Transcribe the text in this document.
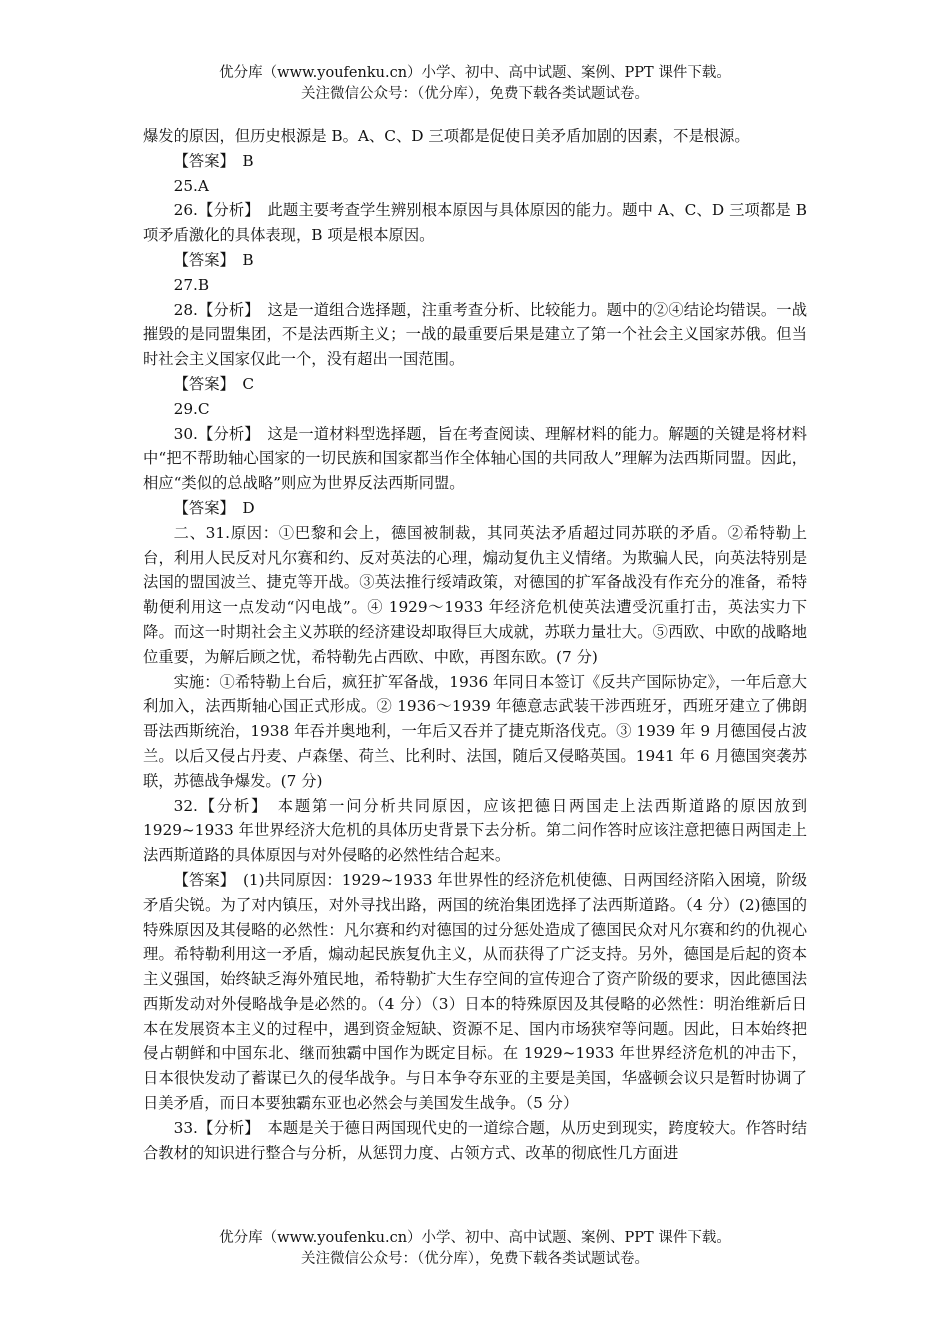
优分库（www.youfenku.cn）小学、初中、高中试题、案例、PPT 课件下载。
关注微信公众号：（优分库），免费下载各类试题试卷。

爆发的原因，但历史根源是 B。A、C、D 三项都是促使日美矛盾加剧的因素，不是根源。

【答案】　B

25.A

26.【分析】　此题主要考查学生辨别根本原因与具体原因的能力。题中 A、C、D 三项都是 B 项矛盾激化的具体表现，B 项是根本原因。

【答案】　B

27.B

28.【分析】　这是一道组合选择题，注重考查分析、比较能力。题中的②④结论均错误。一战摧毁的是同盟集团，不是法西斯主义；一战的最重要后果是建立了第一个社会主义国家苏俄。但当时社会主义国家仅此一个，没有超出一国范围。

【答案】　C

29.C

30.【分析】　这是一道材料型选择题，旨在考查阅读、理解材料的能力。解题的关键是将材料中“把不帮助轴心国家的一切民族和国家都当作全体轴心国的共同敌人”理解为法西斯同盟。因此，相应“类似的总战略”则应为世界反法西斯同盟。

【答案】　D

二、31.原因：①巴黎和会上，德国被制裁，其同英法矛盾超过同苏联的矛盾。②希特勒上台，利用人民反对凡尔赛和约、反对英法的心理，煽动复仇主义情绪。为欺骗人民，向英法特别是法国的盟国波兰、捷克等开战。③英法推行绥靖政策，对德国的扩军备战没有作充分的准备，希特勒便利用这一点发动“闪电战”。④ 1929～1933 年经济危机使英法遭受沉重打击，英法实力下降。而这一时期社会主义苏联的经济建设却取得巨大成就，苏联力量壮大。⑤西欧、中欧的战略地位重要，为解后顾之忧，希特勒先占西欧、中欧，再图东欧。(7 分)

实施：①希特勒上台后，疯狂扩军备战，1936 年同日本签订《反共产国际协定》，一年后意大利加入，法西斯轴心国正式形成。② 1936～1939 年德意志武装干涉西班牙，西班牙建立了佛朗哥法西斯统治，1938 年吞并奥地利，一年后又吞并了捷克斯洛伐克。③ 1939 年 9 月德国侵占波兰。以后又侵占丹麦、卢森堡、荷兰、比利时、法国，随后又侵略英国。1941 年 6 月德国突袭苏联，苏德战争爆发。(7 分)

32.【分析】　本题第一问分析共同原因，应该把德日两国走上法西斯道路的原因放到 1929~1933 年世界经济大危机的具体历史背景下去分析。第二问作答时应该注意把德日两国走上法西斯道路的具体原因与对外侵略的必然性结合起来。

【答案】　(1)共同原因：1929~1933 年世界性的经济危机使德、日两国经济陷入困境，阶级矛盾尖锐。为了对内镇压，对外寻找出路，两国的统治集团选择了法西斯道路。（4 分）(2)德国的特殊原因及其侵略的必然性：凡尔赛和约对德国的过分惩处造成了德国民众对凡尔赛和约的仇视心理。希特勒利用这一矛盾，煽动起民族复仇主义，从而获得了广泛支持。另外，德国是后起的资本主义强国，始终缺乏海外殖民地，希特勒扩大生存空间的宣传迎合了资产阶级的要求，因此德国法西斯发动对外侵略战争是必然的。（4 分）（3）日本的特殊原因及其侵略的必然性：明治维新后日本在发展资本主义的过程中，遇到资金短缺、资源不足、国内市场狭窄等问题。因此，日本始终把侵占朝鲜和中国东北、继而独霸中国作为既定目标。在 1929~1933 年世界经济危机的冲击下，日本很快发动了蓄谋已久的侵华战争。与日本争夺东亚的主要是美国，华盛顿会议只是暂时协调了日美矛盾，而日本要独霸东亚也必然会与美国发生战争。（5 分）

33.【分析】　本题是关于德日两国现代史的一道综合题，从历史到现实，跨度较大。作答时结合教材的知识进行整合与分析，从惩罚力度、占领方式、改革的彻底性几方面进

优分库（www.youfenku.cn）小学、初中、高中试题、案例、PPT 课件下载。
关注微信公众号：（优分库），免费下载各类试题试卷。
